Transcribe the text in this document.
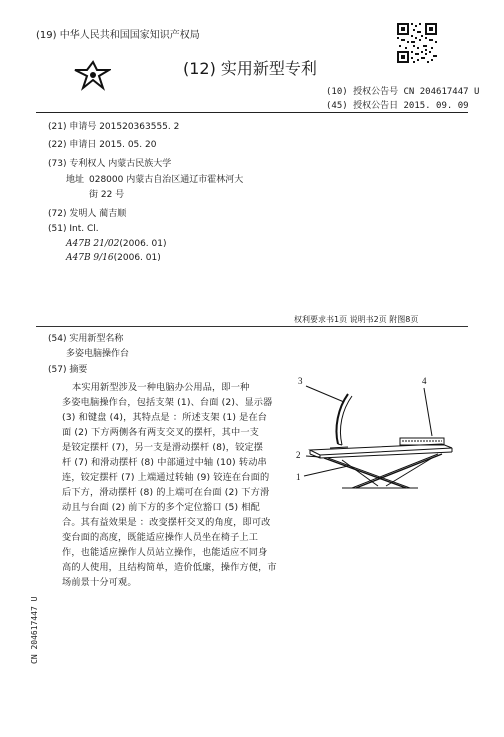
(19) 中华人民共和国国家知识产权局
(12) 实用新型专利
(10) 授权公告号 CN 204617447 U
(45) 授权公告日 2015. 09. 09
(21) 申请号 201520363555. 2
(22) 申请日 2015. 05. 20
(73) 专利权人 内蒙古民族大学
地址 028000 内蒙古自治区通辽市霍林河大
街 22 号
(72) 发明人 蔺吉顺
(51) Int. Cl.
A47B 21/02(2006. 01)
A47B 9/16(2006. 01)
权利要求书1页 说明书2页 附图8页
(54) 实用新型名称
多姿电脑操作台
(57) 摘要
本实用新型涉及一种电脑办公用品，即一种
多姿电脑操作台，包括支架 (1)、台面 (2)、显示器
(3) 和键盘 (4)，其特点是 ：所述支架 (1) 是在台
面 (2) 下方两侧各有两支交叉的摆杆，其中一支
是铰定摆杆 (7)，另一支是滑动摆杆 (8)，铰定摆
杆 (7) 和滑动摆杆 (8) 中部通过中轴 (10) 转动串
连，铰定摆杆 (7) 上端通过转轴 (9) 铰连在台面的
后下方，滑动摆杆 (8) 的上端可在台面 (2) 下方滑
动且与台面 (2) 前下方的多个定位豁口 (5) 相配
合。其有益效果是 ：改变摆杆交叉的角度，即可改
变台面的高度，既能适应操作人员坐在椅子上工
作，也能适应操作人员站立操作，也能适应不同身
高的人使用，且结构简单，造价低廉，操作方便，市
场前景十分可观。
3	4
2
1
CN 204617447 U
